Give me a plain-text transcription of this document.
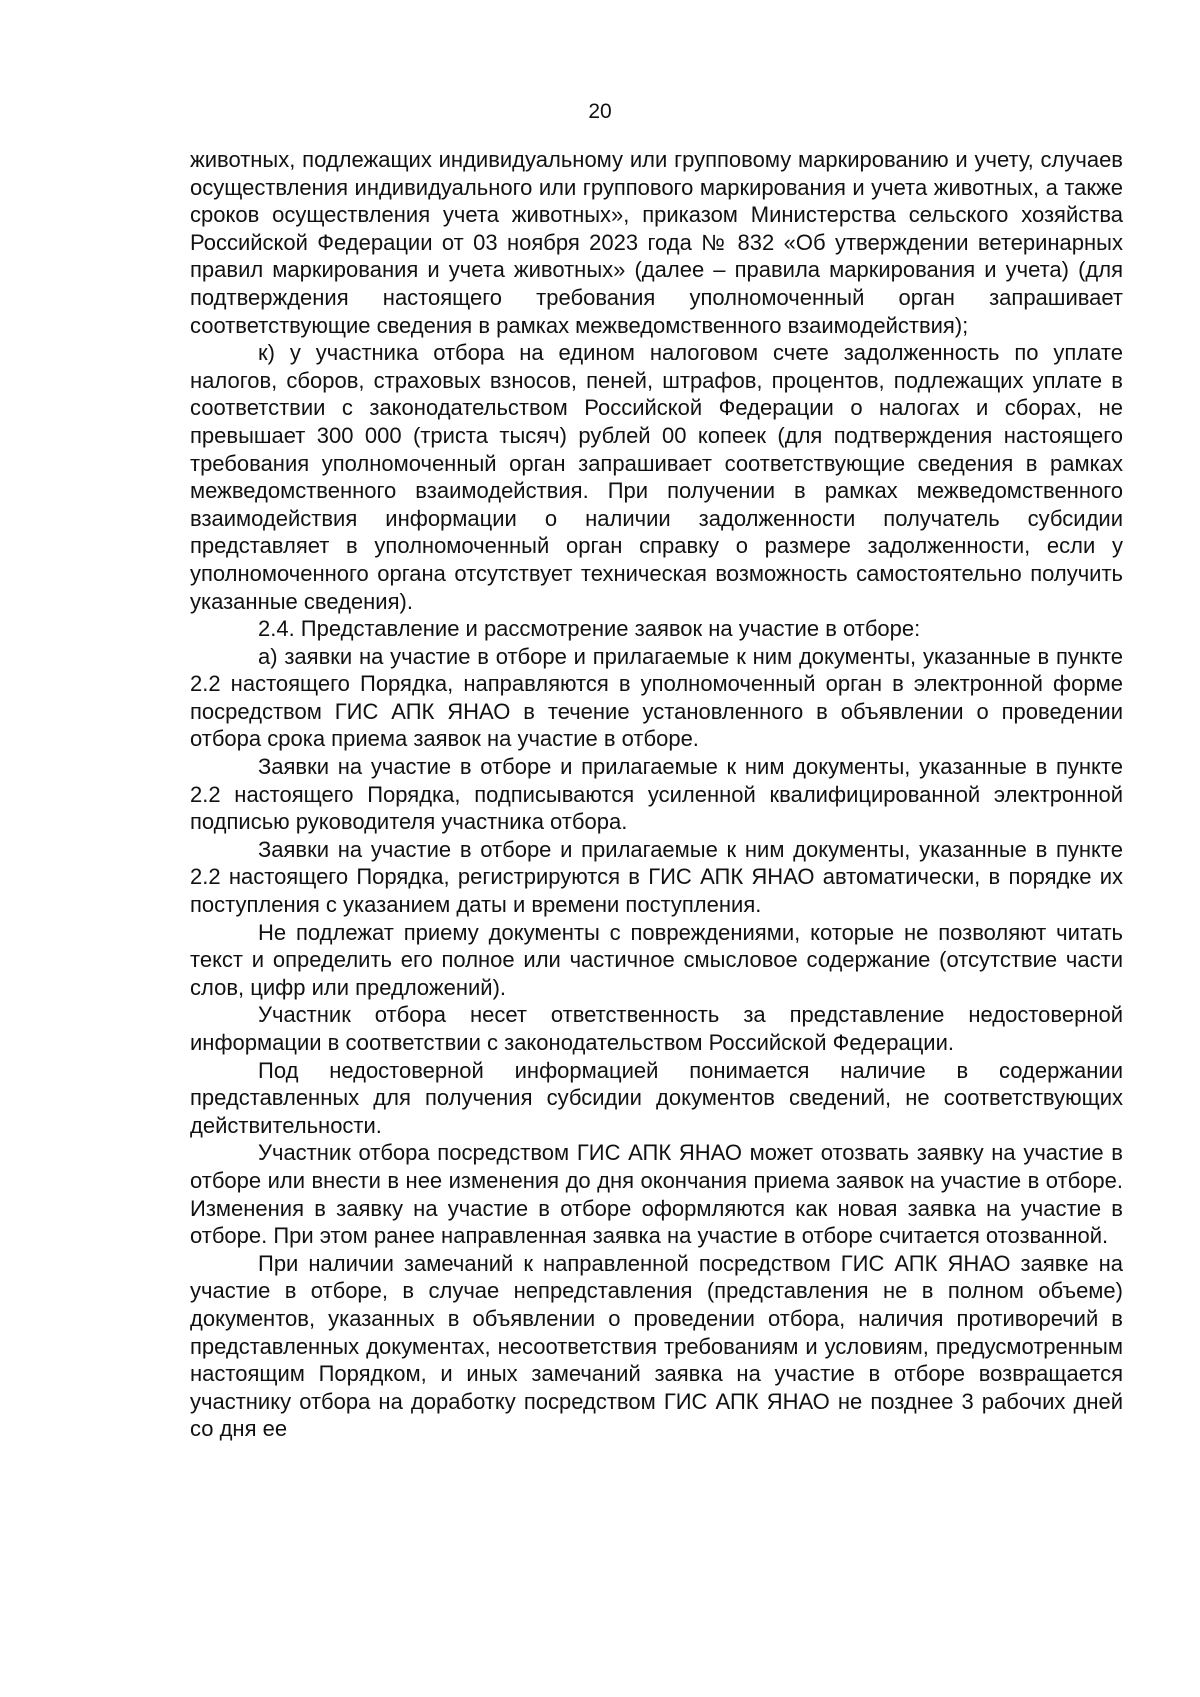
20

животных, подлежащих индивидуальному или групповому маркированию и учету, случаев осуществления индивидуального или группового маркирования и учета животных, а также сроков осуществления учета животных», приказом Министерства сельского хозяйства Российской Федерации от 03 ноября 2023 года № 832 «Об утверждении ветеринарных правил маркирования и учета животных» (далее – правила маркирования и учета) (для подтверждения настоящего требования уполномоченный орган запрашивает соответствующие сведения в рамках межведомственного взаимодействия);

к) у участника отбора на едином налоговом счете задолженность по уплате налогов, сборов, страховых взносов, пеней, штрафов, процентов, подлежащих уплате в соответствии с законодательством Российской Федерации о налогах и сборах, не превышает 300 000 (триста тысяч) рублей 00 копеек (для подтверждения настоящего требования уполномоченный орган запрашивает соответствующие сведения в рамках межведомственного взаимодействия. При получении в рамках межведомственного взаимодействия информации о наличии задолженности получатель субсидии представляет в уполномоченный орган справку о размере задолженности, если у уполномоченного органа отсутствует техническая возможность самостоятельно получить указанные сведения).

2.4. Представление и рассмотрение заявок на участие в отборе:

а) заявки на участие в отборе и прилагаемые к ним документы, указанные в пункте 2.2 настоящего Порядка, направляются в уполномоченный орган в электронной форме посредством ГИС АПК ЯНАО в течение установленного в объявлении о проведении отбора срока приема заявок на участие в отборе.

Заявки на участие в отборе и прилагаемые к ним документы, указанные в пункте 2.2 настоящего Порядка, подписываются усиленной квалифицированной электронной подписью руководителя участника отбора.

Заявки на участие в отборе и прилагаемые к ним документы, указанные в пункте 2.2 настоящего Порядка, регистрируются в ГИС АПК ЯНАО автоматически, в порядке их поступления с указанием даты и времени поступления.

Не подлежат приему документы с повреждениями, которые не позволяют читать текст и определить его полное или частичное смысловое содержание (отсутствие части слов, цифр или предложений).

Участник отбора несет ответственность за представление недостоверной информации в соответствии с законодательством Российской Федерации.

Под недостоверной информацией понимается наличие в содержании представленных для получения субсидии документов сведений, не соответствующих действительности.

Участник отбора посредством ГИС АПК ЯНАО может отозвать заявку на участие в отборе или внести в нее изменения до дня окончания приема заявок на участие в отборе. Изменения в заявку на участие в отборе оформляются как новая заявка на участие в отборе. При этом ранее направленная заявка на участие в отборе считается отозванной.

При наличии замечаний к направленной посредством ГИС АПК ЯНАО заявке на участие в отборе, в случае непредставления (представления не в полном объеме) документов, указанных в объявлении о проведении отбора, наличия противоречий в представленных документах, несоответствия требованиям и условиям, предусмотренным настоящим Порядком, и иных замечаний заявка на участие в отборе возвращается участнику отбора на доработку посредством ГИС АПК ЯНАО не позднее 3 рабочих дней со дня ее
